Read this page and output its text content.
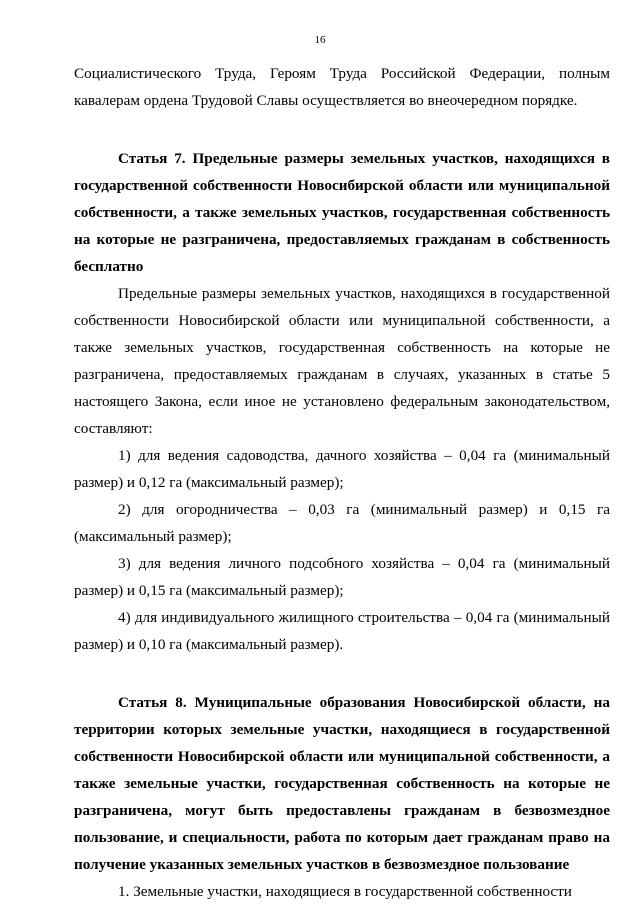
16

Социалистического Труда, Героям Труда Российской Федерации, полным кавалерам ордена Трудовой Славы осуществляется во внеочередном порядке.

Статья 7. Предельные размеры земельных участков, находящихся в государственной собственности Новосибирской области или муниципальной собственности, а также земельных участков, государственная собственность на которые не разграничена, предоставляемых гражданам в собственность бесплатно

Предельные размеры земельных участков, находящихся в государственной собственности Новосибирской области или муниципальной собственности, а также земельных участков, государственная собственность на которые не разграничена, предоставляемых гражданам в случаях, указанных в статье 5 настоящего Закона, если иное не установлено федеральным законодательством, составляют:

1) для ведения садоводства, дачного хозяйства – 0,04 га (минимальный размер) и 0,12 га (максимальный размер);

2) для огородничества – 0,03 га (минимальный размер) и 0,15 га (максимальный размер);

3) для ведения личного подсобного хозяйства – 0,04 га (минимальный размер) и 0,15 га (максимальный размер);

4) для индивидуального жилищного строительства – 0,04 га (минимальный размер) и 0,10 га (максимальный размер).

Статья 8. Муниципальные образования Новосибирской области, на территории которых земельные участки, находящиеся в государственной собственности Новосибирской области или муниципальной собственности, а также земельные участки, государственная собственность на которые не разграничена, могут быть предоставлены гражданам в безвозмездное пользование, и специальности, работа по которым дает гражданам право на получение указанных земельных участков в безвозмездное пользование

1. Земельные участки, находящиеся в государственной собственности
